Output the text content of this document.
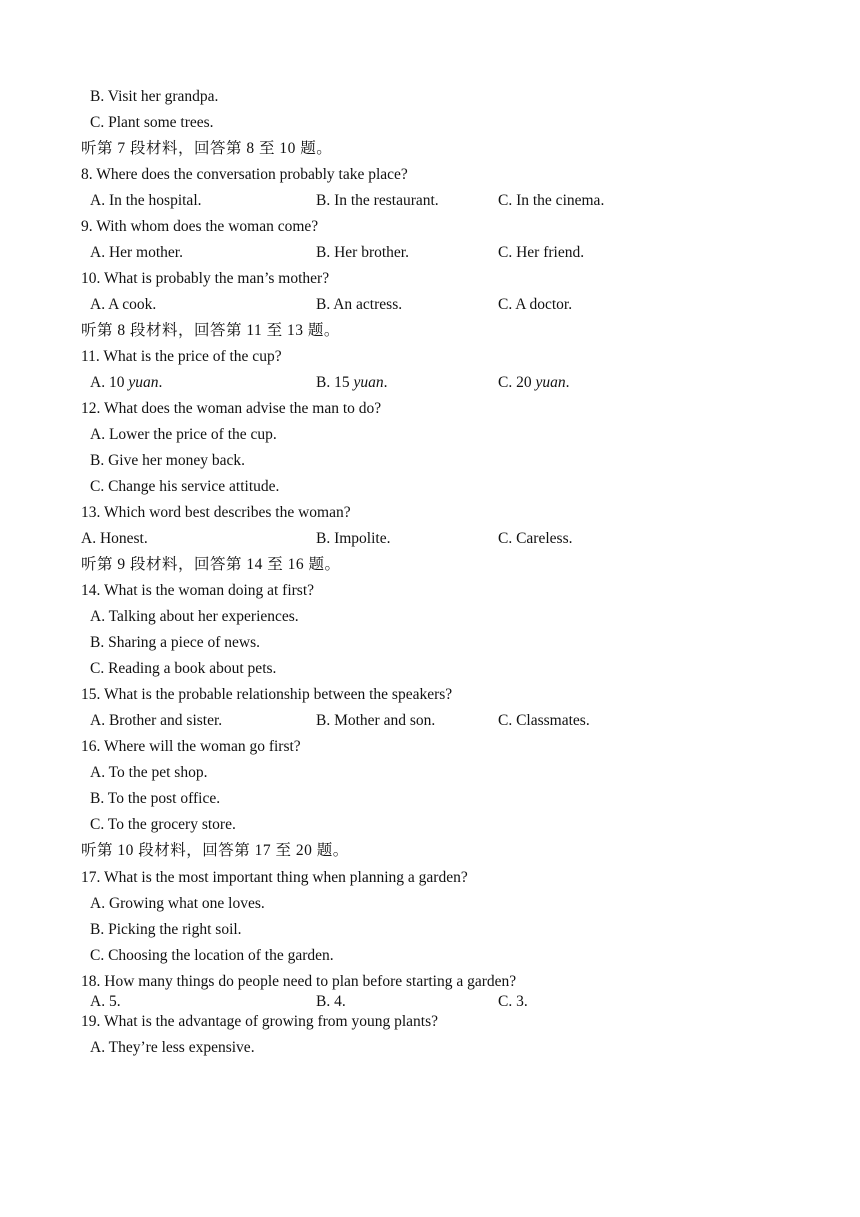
B. Visit her grandpa.
C. Plant some trees.
听第 7 段材料，回答第 8 至 10 题。
8. Where does the conversation probably take place?
A. In the hospital.	B. In the restaurant.	C. In the cinema.
9. With whom does the woman come?
A. Her mother.	B. Her brother.	C. Her friend.
10. What is probably the man’s mother?
A. A cook.	B. An actress.	C. A doctor.
听第 8 段材料，回答第 11 至 13 题。
11. What is the price of the cup?
A. 10 yuan.	B. 15 yuan.	C. 20 yuan.
12. What does the woman advise the man to do?
A. Lower the price of the cup.
B. Give her money back.
C. Change his service attitude.
13. Which word best describes the woman?
A. Honest.	B. Impolite.	C. Careless.
听第 9 段材料，回答第 14 至 16 题。
14. What is the woman doing at first?
A. Talking about her experiences.
B. Sharing a piece of news.
C. Reading a book about pets.
15. What is the probable relationship between the speakers?
A. Brother and sister.	B. Mother and son.	C. Classmates.
16. Where will the woman go first?
A. To the pet shop.
B. To the post office.
C. To the grocery store.
听第 10 段材料，回答第 17 至 20 题。
17. What is the most important thing when planning a garden?
A. Growing what one loves.
B. Picking the right soil.
C. Choosing the location of the garden.
18. How many things do people need to plan before starting a garden?
A. 5.	B. 4.	C. 3.
19. What is the advantage of growing from young plants?
A. They’re less expensive.
